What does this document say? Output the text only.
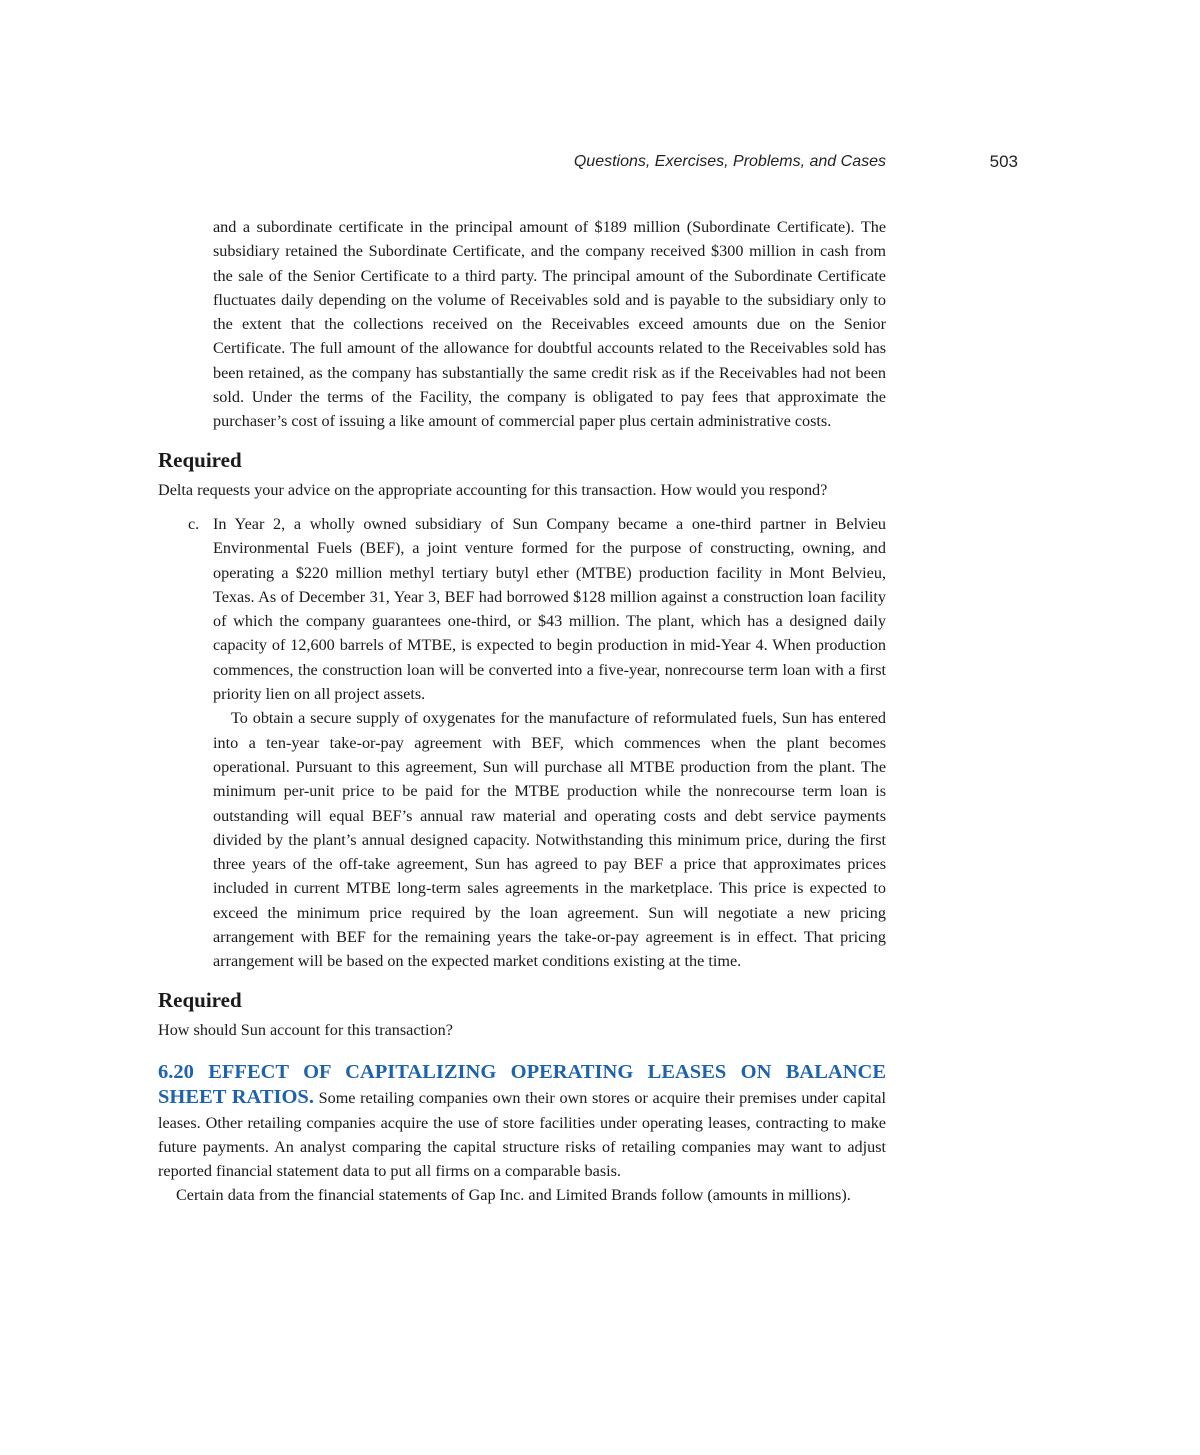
Questions, Exercises, Problems, and Cases	503

and a subordinate certificate in the principal amount of $189 million (Subordinate Certificate). The subsidiary retained the Subordinate Certificate, and the company received $300 million in cash from the sale of the Senior Certificate to a third party. The principal amount of the Subordinate Certificate fluctuates daily depending on the volume of Receivables sold and is payable to the subsidiary only to the extent that the collections received on the Receivables exceed amounts due on the Senior Certificate. The full amount of the allowance for doubtful accounts related to the Receivables sold has been retained, as the company has substantially the same credit risk as if the Receivables had not been sold. Under the terms of the Facility, the company is obligated to pay fees that approximate the purchaser’s cost of issuing a like amount of commercial paper plus certain administrative costs.

Required

Delta requests your advice on the appropriate accounting for this transaction. How would you respond?

c. In Year 2, a wholly owned subsidiary of Sun Company became a one-third partner in Belvieu Environmental Fuels (BEF), a joint venture formed for the purpose of constructing, owning, and operating a $220 million methyl tertiary butyl ether (MTBE) production facility in Mont Belvieu, Texas. As of December 31, Year 3, BEF had borrowed $128 million against a construction loan facility of which the company guarantees one-third, or $43 million. The plant, which has a designed daily capacity of 12,600 barrels of MTBE, is expected to begin production in mid-Year 4. When production commences, the construction loan will be converted into a five-year, nonrecourse term loan with a first priority lien on all project assets.

To obtain a secure supply of oxygenates for the manufacture of reformulated fuels, Sun has entered into a ten-year take-or-pay agreement with BEF, which commences when the plant becomes operational. Pursuant to this agreement, Sun will purchase all MTBE production from the plant. The minimum per-unit price to be paid for the MTBE production while the nonrecourse term loan is outstanding will equal BEF’s annual raw material and operating costs and debt service payments divided by the plant’s annual designed capacity. Notwithstanding this minimum price, during the first three years of the off-take agreement, Sun has agreed to pay BEF a price that approximates prices included in current MTBE long-term sales agreements in the marketplace. This price is expected to exceed the minimum price required by the loan agreement. Sun will negotiate a new pricing arrangement with BEF for the remaining years the take-or-pay agreement is in effect. That pricing arrangement will be based on the expected market conditions existing at the time.

Required

How should Sun account for this transaction?

6.20 EFFECT OF CAPITALIZING OPERATING LEASES ON BALANCE SHEET RATIOS. Some retailing companies own their own stores or acquire their premises under capital leases. Other retailing companies acquire the use of store facilities under operating leases, contracting to make future payments. An analyst comparing the capital structure risks of retailing companies may want to adjust reported financial statement data to put all firms on a comparable basis.

Certain data from the financial statements of Gap Inc. and Limited Brands follow (amounts in millions).
